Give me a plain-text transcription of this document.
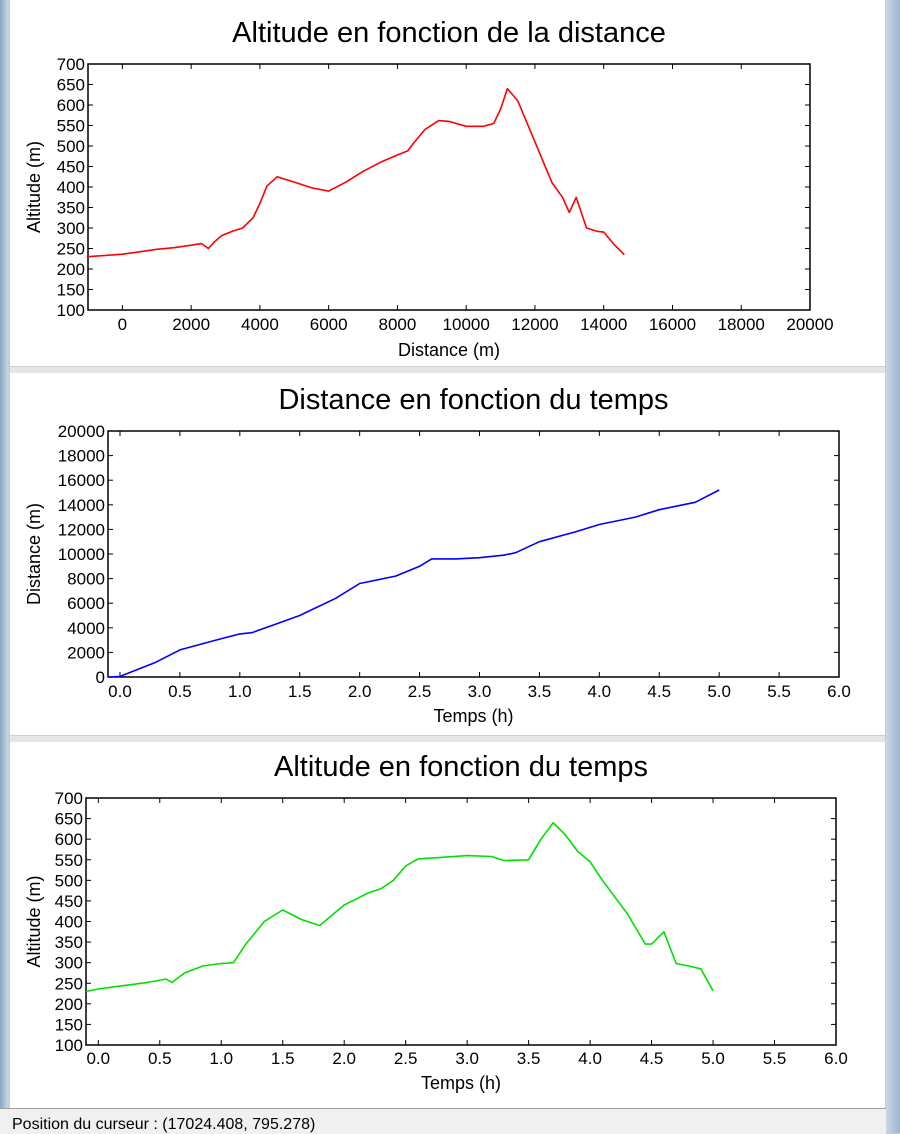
Altitude en fonction de la distance
100
150
200
250
300
350
400
450
500
550
600
650
700
0	2000 4000 6000 8000 10000 12000 14000 16000 18000 20000
Distance (m)
Altitude (m)
Distance en fonction du temps
0
2000
4000
6000
8000
10000
12000
14000
16000
18000
20000
0.0 0.5 1.0 1.5 2.0 2.5 3.0 3.5 4.0 4.5 5.0 5.5 6.0
Temps (h)
Distance (m)
Altitude en fonction du temps
100
150
200
250
300
350
400
450
500
550
600
650
700
0.0 0.5 1.0 1.5 2.0 2.5 3.0 3.5 4.0 4.5 5.0 5.5 6.0
Temps (h)
Altitude (m)
Position du curseur : (17024.408, 795.278)
